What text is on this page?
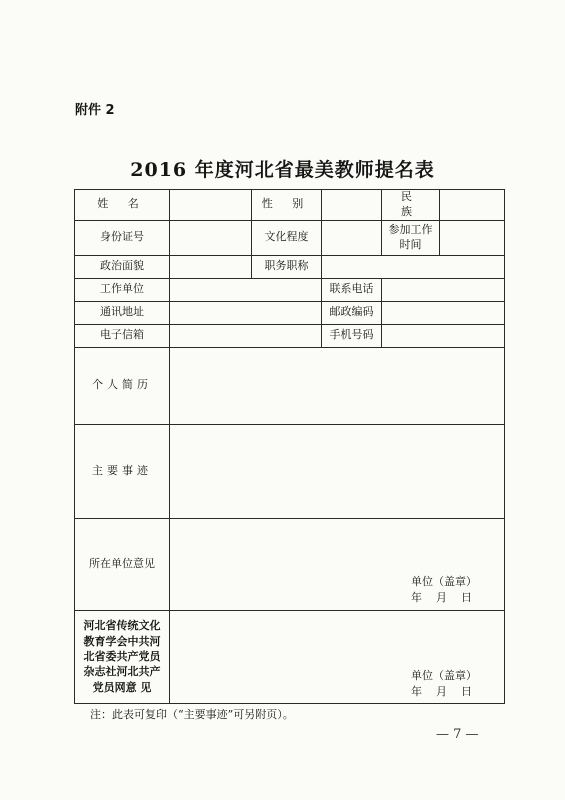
附件 2
2016 年度河北省最美教师提名表
姓 名		性 别		民 族	
身份证号		文化程度		参加工作时间	
政治面貌		职务职称			
工作单位			联系电话		
通讯地址			邮政编码		
电子信箱			手机号码		
个人简历					
主要事迹					
所在单位意见					
河北省传统文化教育学会中共河北省委共产党员杂志社河北共产党员网意 见					
单位（盖章）
年    月    日
单位（盖章）
年    月    日
注：此表可复印（“主要事迹”可另附页）。
— 7 —
